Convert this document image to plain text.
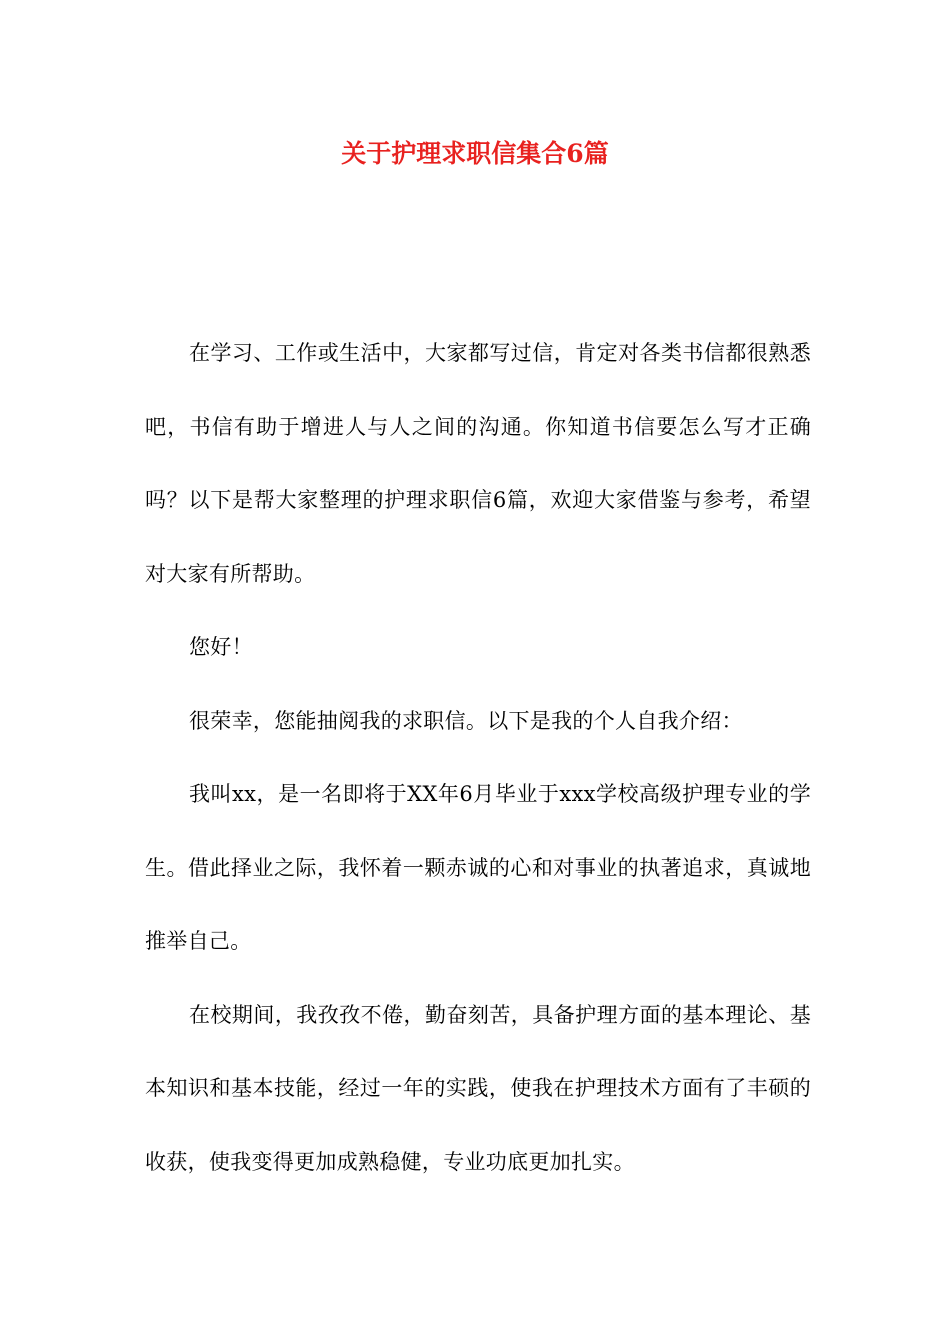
关于护理求职信集合6篇

在学习、工作或生活中，大家都写过信，肯定对各类书信都很熟悉吧，书信有助于增进人与人之间的沟通。你知道书信要怎么写才正确吗？以下是帮大家整理的护理求职信6篇，欢迎大家借鉴与参考，希望对大家有所帮助。

您好！

很荣幸，您能抽阅我的求职信。以下是我的个人自我介绍：

我叫xx，是一名即将于XX年6月毕业于xxx学校高级护理专业的学生。借此择业之际，我怀着一颗赤诚的心和对事业的执著追求，真诚地推举自己。

在校期间，我孜孜不倦，勤奋刻苦，具备护理方面的基本理论、基本知识和基本技能，经过一年的实践，使我在护理技术方面有了丰硕的收获，使我变得更加成熟稳健，专业功底更加扎实。
